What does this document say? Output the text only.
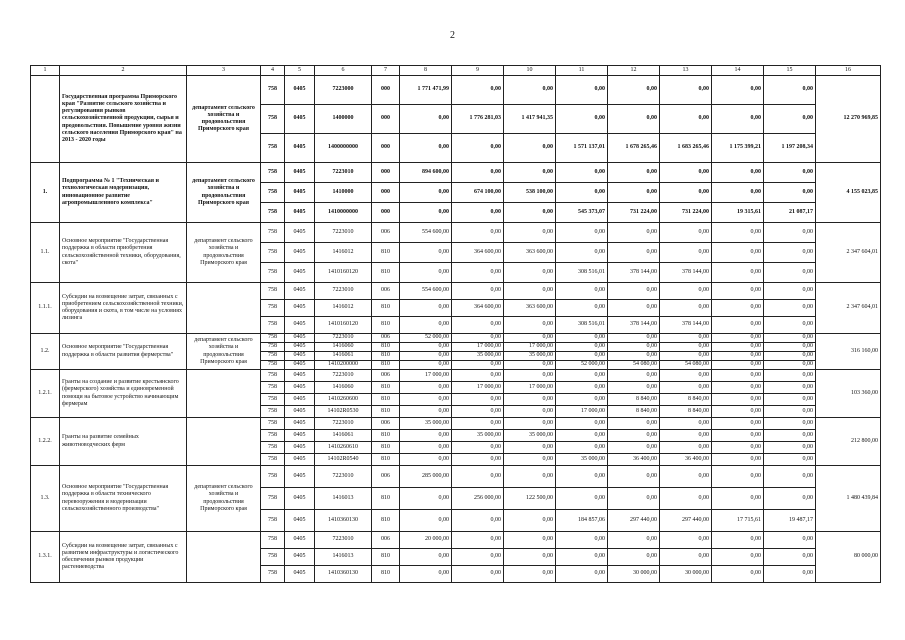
2
1	2	3	4	5	6	7	8	9	10	11	12	13	14	15	16
	Государственная программа Приморского края "Развитие сельского хозяйства и регулирования рынков сельскохозяйственной продукции, сырья и продовольствия. Повышение уровня жизни сельского населения Приморского края" на 2013 - 2020 годы	департамент сельского хозяйства и продовольствия Приморского края	758	0405	7223000	000	1 771 471,99	0,00	0,00	0,00	0,00	0,00	0,00	0,00	12 270 969,85
			758	0405	1400000	000	0,00	1 776 281,03	1 417 941,35	0,00	0,00	0,00	0,00	0,00	
			758	0405	1400000000	000	0,00	0,00	0,00	1 571 137,01	1 678 265,46	1 683 265,46	1 175 399,21	1 197 208,34	
1.	Подпрограмма № 1 "Техническая и технологическая модернизация, инновационное развитие агропромышленного комплекса"	департамент сельского хозяйства и продовольствия Приморского края	758	0405	7223010	000	894 600,00	0,00	0,00	0,00	0,00	0,00	0,00	0,00	4 155 023,85
			758	0405	1410000	000	0,00	674 100,00	538 100,00	0,00	0,00	0,00	0,00	0,00	
			758	0405	1410000000	000	0,00	0,00	0,00	545 373,07	731 224,00	731 224,00	19 315,61	21 087,17	
1.1.	Основное мероприятие "Государственная поддержка в области приобретения сельскохозяйственной техники, оборудования, скота"	департамент сельского хозяйства и продовольствия Приморского края	758	0405	7223010	006	554 600,00	0,00	0,00	0,00	0,00	0,00	0,00	0,00	2 347 604,01
			758	0405	1416012	810	0,00	364 600,00	363 600,00	0,00	0,00	0,00	0,00	0,00	
			758	0405	1410160120	810	0,00	0,00	0,00	308 516,01	378 144,00	378 144,00	0,00	0,00	
1.1.1.	Субсидии на возмещение затрат, связанных с приобретением сельскохозяйственной техники, оборудования и скота, в том числе на условиях лизинга		758	0405	7223010	006	554 600,00	0,00	0,00	0,00	0,00	0,00	0,00	0,00	2 347 604,01
			758	0405	1416012	810	0,00	364 600,00	363 600,00	0,00	0,00	0,00	0,00	0,00	
			758	0405	1410160120	810	0,00	0,00	0,00	308 516,01	378 144,00	378 144,00	0,00	0,00	
1.2.	Основное мероприятие "Государственная поддержка в области развития фермерства"	департамент сельского хозяйства и продовольствия Приморского края	758	0405	7223010	006	52 000,00	0,00	0,00	0,00	0,00	0,00	0,00	0,00	316 160,00
			758	0405	1416060	810	0,00	17 000,00	17 000,00	0,00	0,00	0,00	0,00	0,00	
			758	0405	1416061	810	0,00	35 000,00	35 000,00	0,00	0,00	0,00	0,00	0,00	
			758	0405	1410200000	810	0,00	0,00	0,00	52 000,00	54 080,00	54 080,00	0,00	0,00	
1.2.1.	Гранты на создание и развитие крестьянского (фермерского) хозяйства и единовременной помощи на бытовое устройство начинающим фермерам		758	0405	7223010	006	17 000,00	0,00	0,00	0,00	0,00	0,00	0,00	0,00	103 360,00
			758	0405	1416060	810	0,00	17 000,00	17 000,00	0,00	0,00	0,00	0,00	0,00	
			758	0405	1410260600	810	0,00	0,00	0,00	0,00	8 840,00	8 840,00	0,00	0,00	
			758	0405	14102R0530	810	0,00	0,00	0,00	17 000,00	8 840,00	8 840,00	0,00	0,00	
1.2.2.	Гранты на развитие семейных животноводческих ферм		758	0405	7223010	006	35 000,00	0,00	0,00	0,00	0,00	0,00	0,00	0,00	212 800,00
			758	0405	1416061	810	0,00	35 000,00	35 000,00	0,00	0,00	0,00	0,00	0,00	
			758	0405	1410260610	810	0,00	0,00	0,00	0,00	0,00	0,00	0,00	0,00	
			758	0405	14102R0540	810	0,00	0,00	0,00	35 000,00	36 400,00	36 400,00	0,00	0,00	
1.3.	Основное мероприятие "Государственная поддержка в области технического перевооружения и модернизации сельскохозяйственного производства"	департамент сельского хозяйства и продовольствия Приморского края	758	0405	7223010	006	285 000,00	0,00	0,00	0,00	0,00	0,00	0,00	0,00	1 480 439,84
			758	0405	1416013	810	0,00	256 000,00	122 500,00	0,00	0,00	0,00	0,00	0,00	
			758	0405	1410360130	810	0,00	0,00	0,00	184 857,06	297 440,00	297 440,00	17 715,61	19 487,17	
1.3.1.	Субсидии на возмещение затрат, связанных с развитием инфраструктуры и логистического обеспечения рынков продукции растениеводства		758	0405	7223010	006	20 000,00	0,00	0,00	0,00	0,00	0,00	0,00	0,00	80 000,00
			758	0405	1416013	810	0,00	0,00	0,00	0,00	0,00	0,00	0,00	0,00	
			758	0405	1410360130	810	0,00	0,00	0,00	0,00	30 000,00	30 000,00	0,00	0,00	
